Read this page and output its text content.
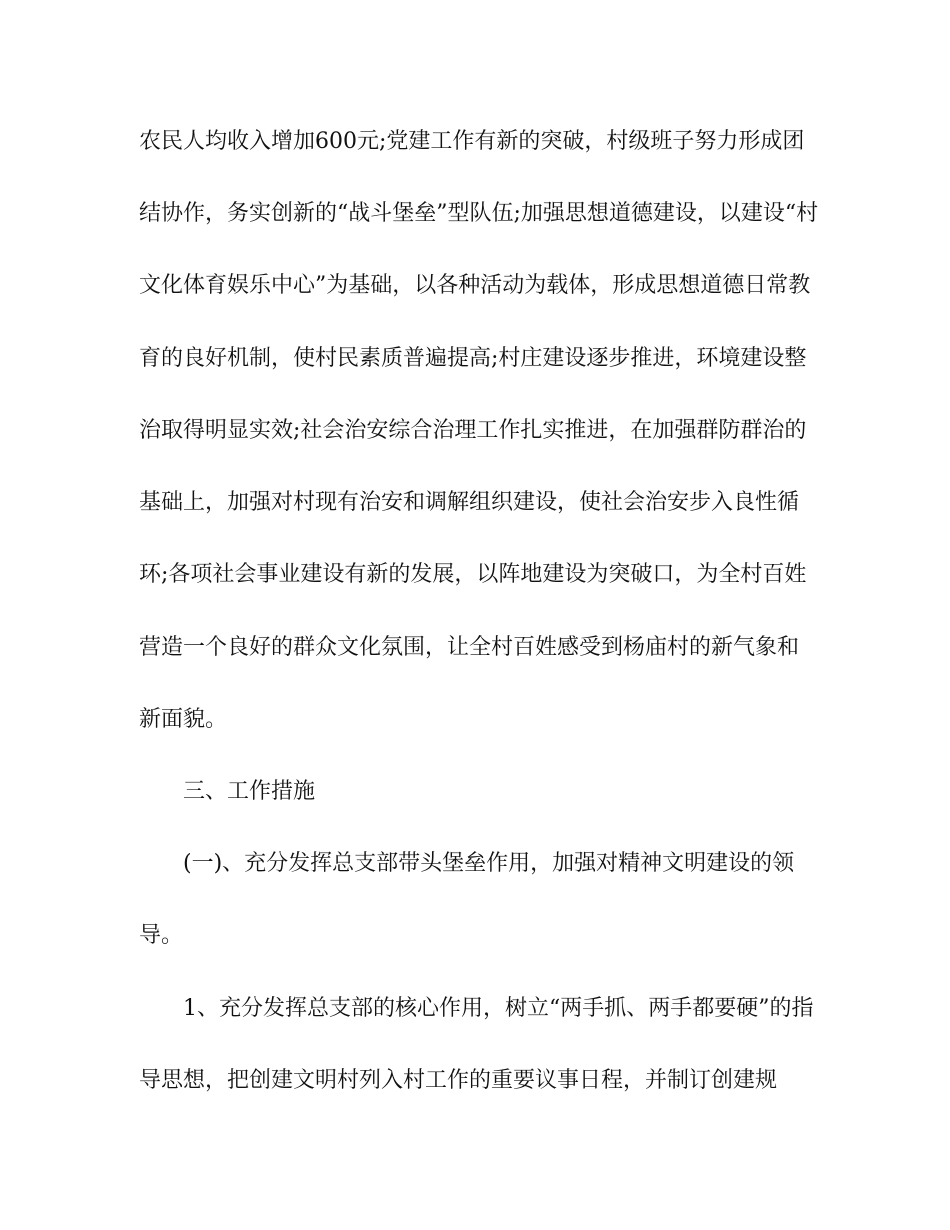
农民人均收入增加600元;党建工作有新的突破，村级班子努力形成团
结协作，务实创新的“战斗堡垒”型队伍;加强思想道德建设，以建设“村
文化体育娱乐中心”为基础，以各种活动为载体，形成思想道德日常教
育的良好机制，使村民素质普遍提高;村庄建设逐步推进，环境建设整
治取得明显实效;社会治安综合治理工作扎实推进，在加强群防群治的
基础上，加强对村现有治安和调解组织建设，使社会治安步入良性循
环;各项社会事业建设有新的发展，以阵地建设为突破口，为全村百姓
营造一个良好的群众文化氛围，让全村百姓感受到杨庙村的新气象和
新面貌。
三、工作措施
(一)、充分发挥总支部带头堡垒作用，加强对精神文明建设的领
导。
1、充分发挥总支部的核心作用，树立“两手抓、两手都要硬”的指
导思想，把创建文明村列入村工作的重要议事日程，并制订创建规
